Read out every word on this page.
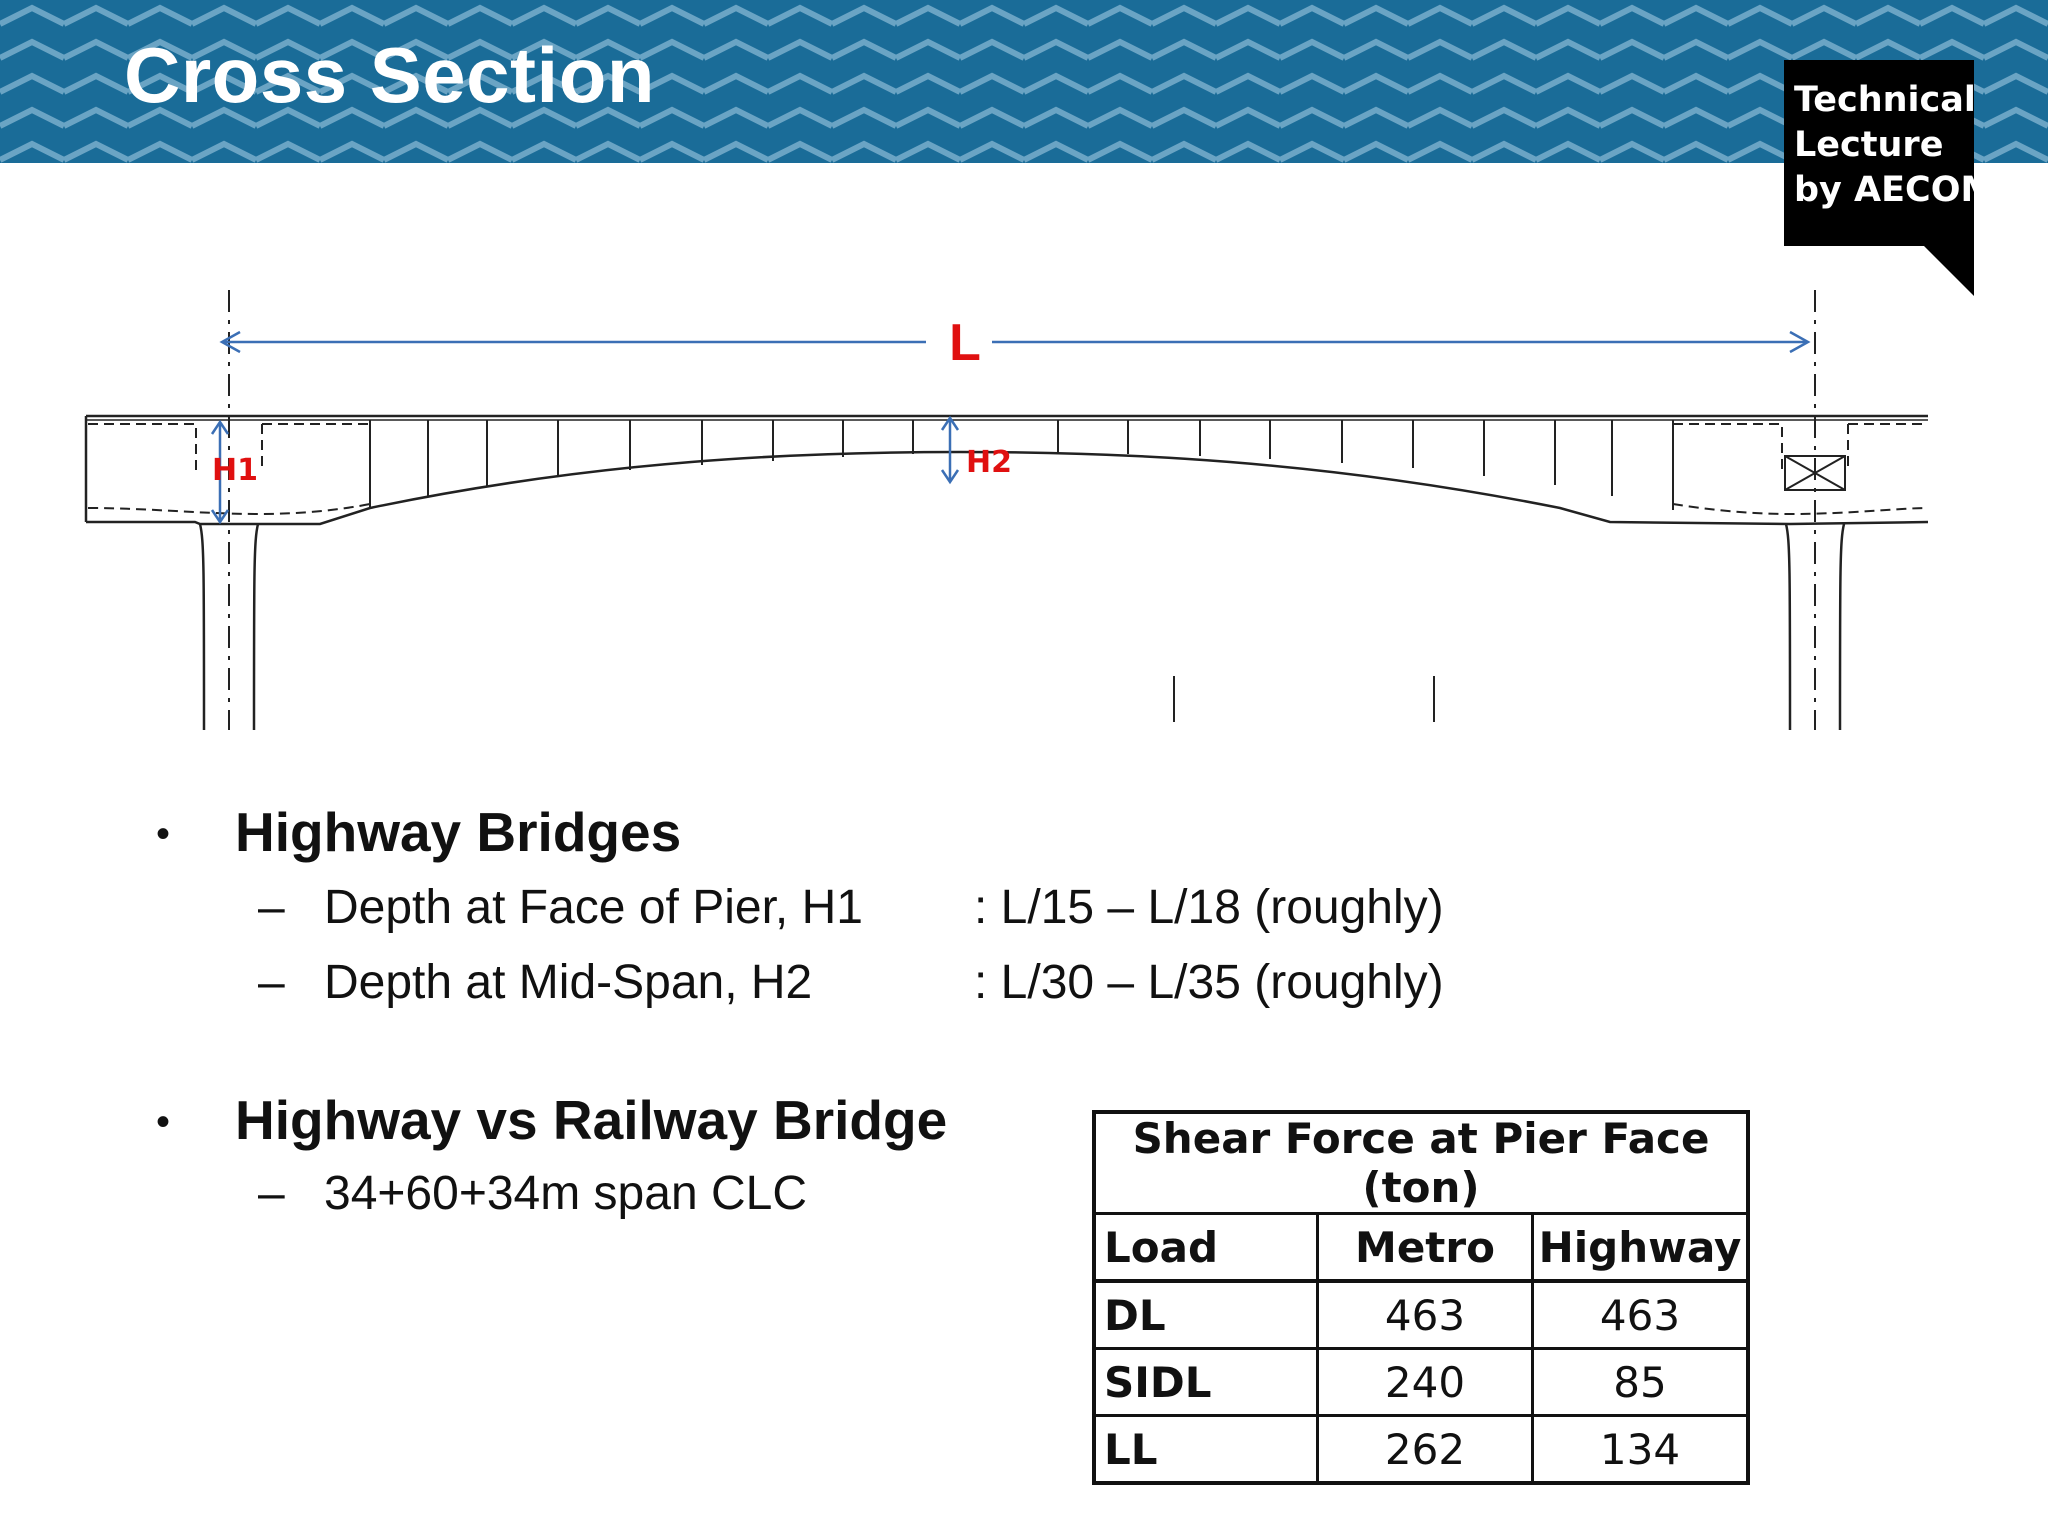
Cross Section	Technical
Lecture
by AECOM
L
H1	H2
• Highway Bridges
– Depth at Face of Pier, H1 : L/15 – L/18 (roughly)
– Depth at Mid-Span, H2	: L/30 – L/35 (roughly)
• Highway vs Railway Bridge
– 34+60+34m span CLC
Shear Force at Pier Face (ton)		
Load	Metro	Highway
DL	463	463
SIDL	240	85
LL	262	134
